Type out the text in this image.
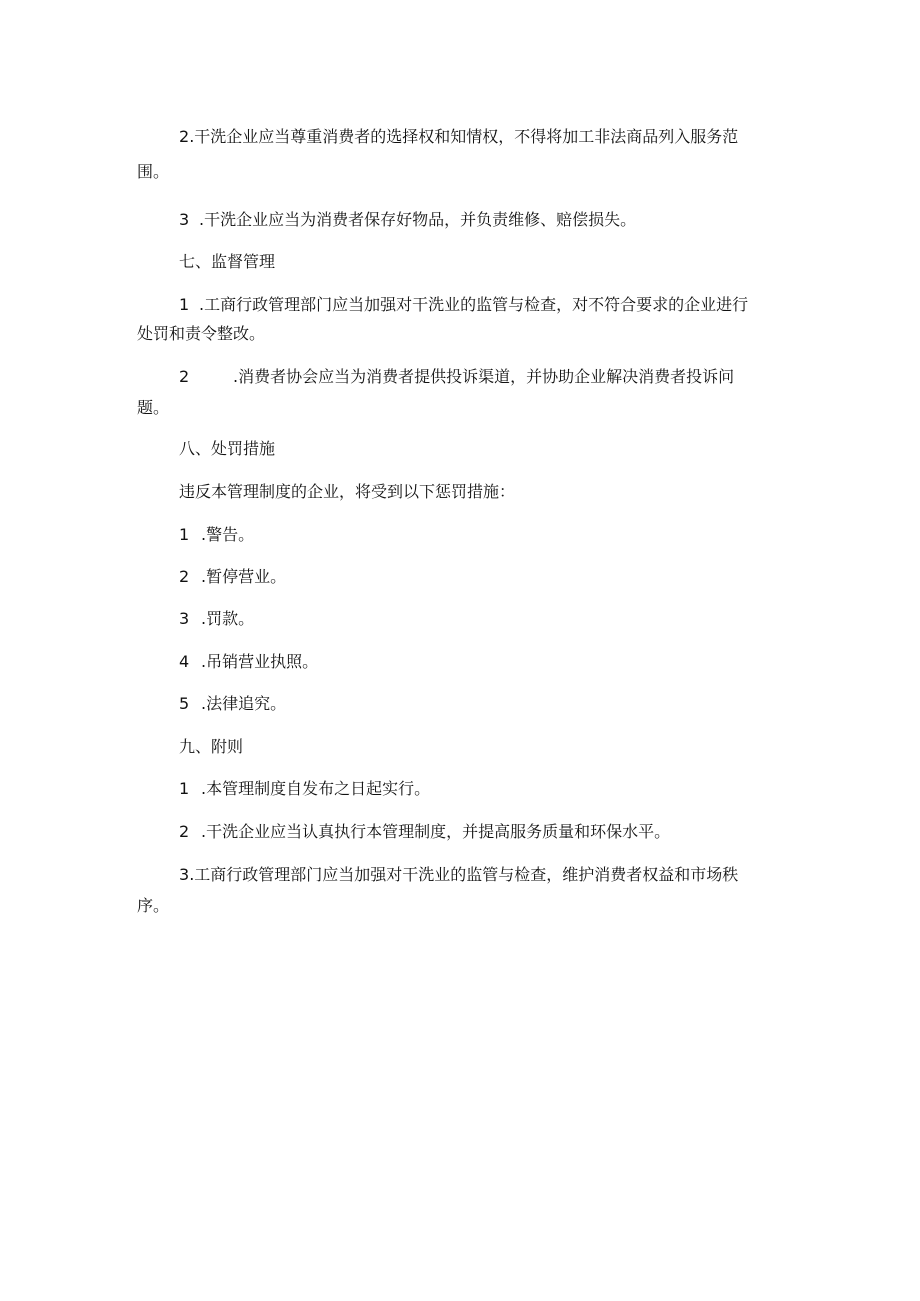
2.干洗企业应当尊重消费者的选择权和知情权，不得将加工非法商品列入服务范
围。
3 .干洗企业应当为消费者保存好物品，并负责维修、赔偿损失。
七、监督管理
1 .工商行政管理部门应当加强对干洗业的监管与检查，对不符合要求的企业进行
处罚和责令整改。
2	.消费者协会应当为消费者提供投诉渠道，并协助企业解决消费者投诉问
题。
八、处罚措施
违反本管理制度的企业，将受到以下惩罚措施：
1 .警告。
2 .暂停营业。
3 .罚款。
4 .吊销营业执照。
5 .法律追究。
九、附则
1 .本管理制度自发布之日起实行。
2 .干洗企业应当认真执行本管理制度，并提高服务质量和环保水平。
3.工商行政管理部门应当加强对干洗业的监管与检查，维护消费者权益和市场秩
序。
